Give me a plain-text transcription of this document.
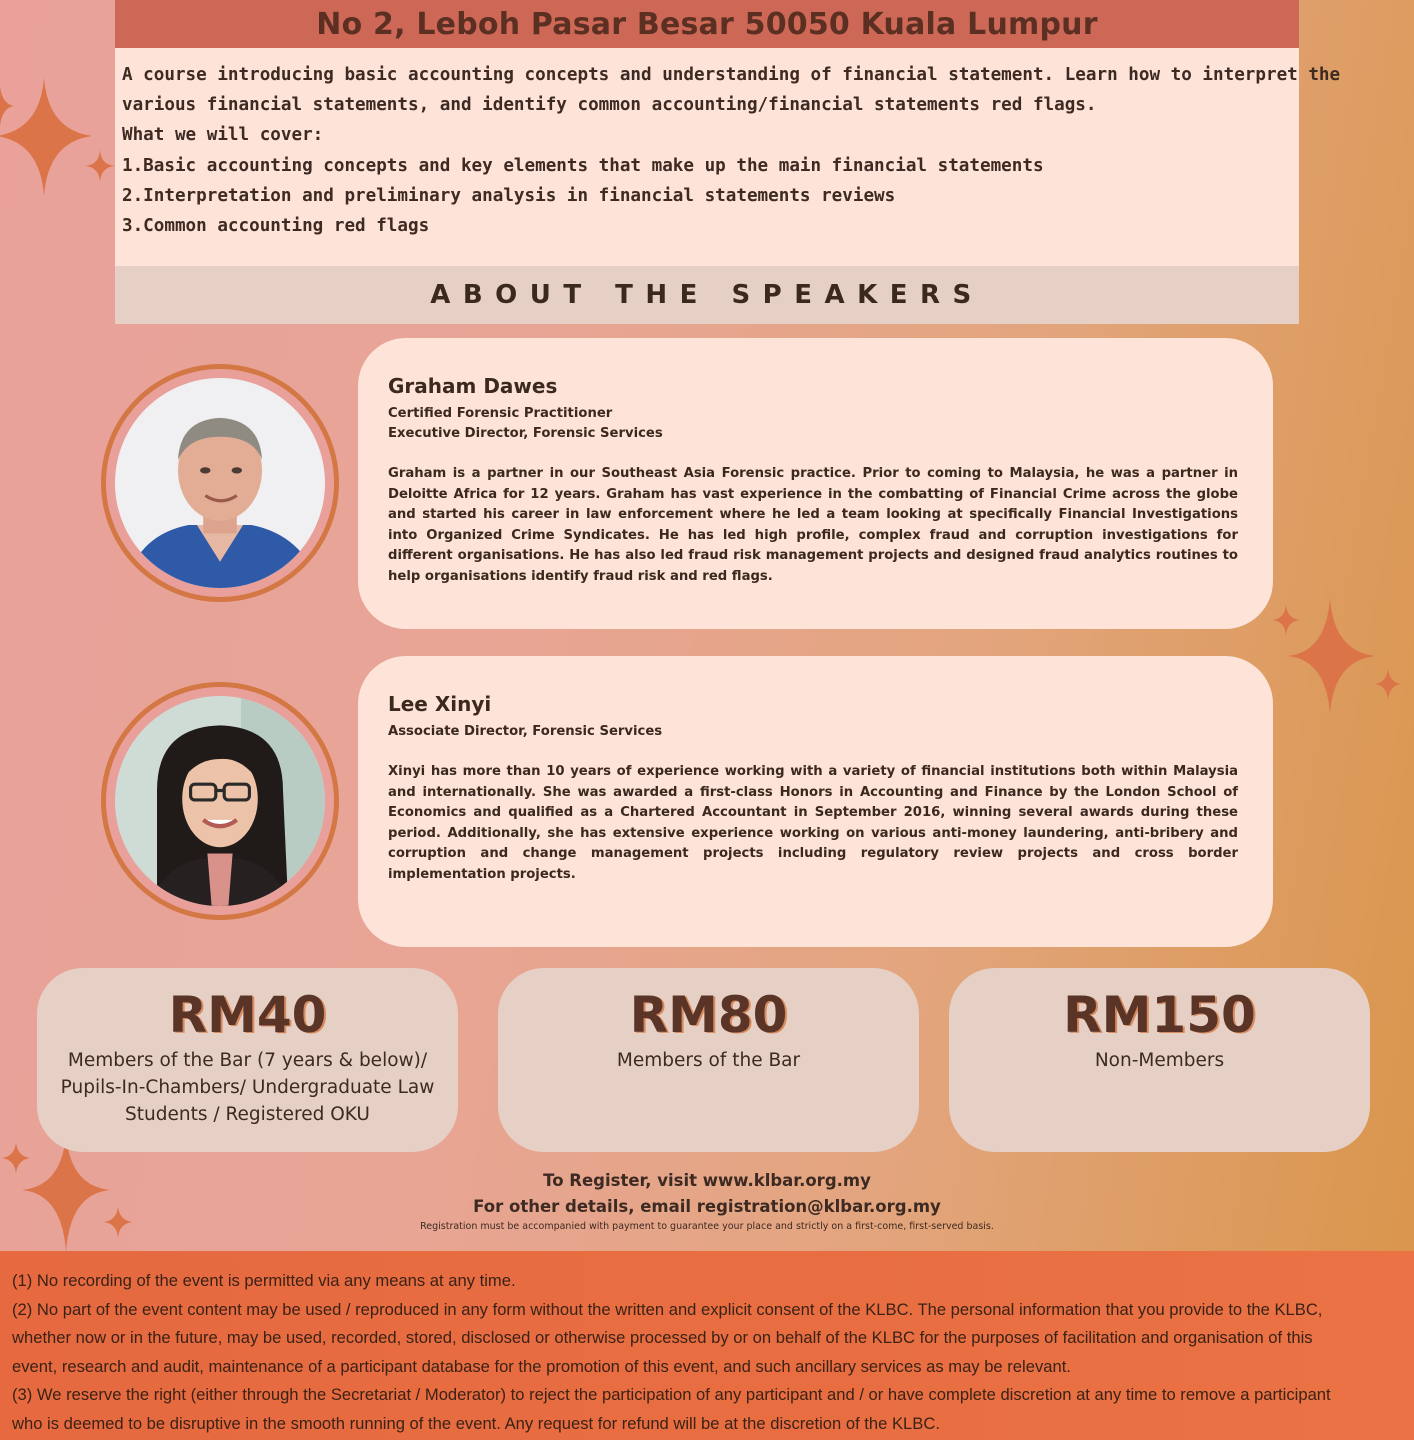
No 2, Leboh Pasar Besar 50050 Kuala Lumpur
A course introducing basic accounting concepts and understanding of financial statement. Learn how to interpret the
various financial statements, and identify common accounting/financial statements red flags.
What we will cover:
1.Basic accounting concepts and key elements that make up the main financial statements
2.Interpretation and preliminary analysis in financial statements reviews
3.Common accounting red flags
ABOUT THE SPEAKERS
Graham Dawes
Certified Forensic Practitioner
Executive Director, Forensic Services
Graham is a partner in our Southeast Asia Forensic practice. Prior to coming to Malaysia, he was a partner in Deloitte Africa for 12 years. Graham has vast experience in the combatting of Financial Crime across the globe and started his career in law enforcement where he led a team looking at specifically Financial Investigations into Organized Crime Syndicates. He has led high profile, complex fraud and corruption investigations for different organisations. He has also led fraud risk management projects and designed fraud analytics routines to help organisations identify fraud risk and red flags.
Lee Xinyi
Associate Director, Forensic Services
Xinyi has more than 10 years of experience working with a variety of financial institutions both within Malaysia and internationally. She was awarded a first-class Honors in Accounting and Finance by the London School of Economics and qualified as a Chartered Accountant in September 2016, winning several awards during these period. Additionally, she has extensive experience working on various anti-money laundering, anti-bribery and corruption and change management projects including regulatory review projects and cross border implementation projects.
RM40
Members of the Bar (7 years & below)/ Pupils-In-Chambers/ Undergraduate Law Students / Registered OKU
RM80
Members of the Bar
RM150
Non-Members
To Register, visit www.klbar.org.my
For other details, email registration@klbar.org.my
Registration must be accompanied with payment to guarantee your place and strictly on a first-come, first-served basis.
(1) No recording of the event is permitted via any means at any time.
(2) No part of the event content may be used / reproduced in any form without the written and explicit consent of the KLBC. The personal information that you provide to the KLBC,
whether now or in the future, may be used, recorded, stored, disclosed or otherwise processed by or on behalf of the KLBC for the purposes of facilitation and organisation of this
event, research and audit, maintenance of a participant database for the promotion of this event, and such ancillary services as may be relevant.
(3) We reserve the right (either through the Secretariat / Moderator) to reject the participation of any participant and / or have complete discretion at any time to remove a participant
who is deemed to be disruptive in the smooth running of the event. Any request for refund will be at the discretion of the KLBC.
